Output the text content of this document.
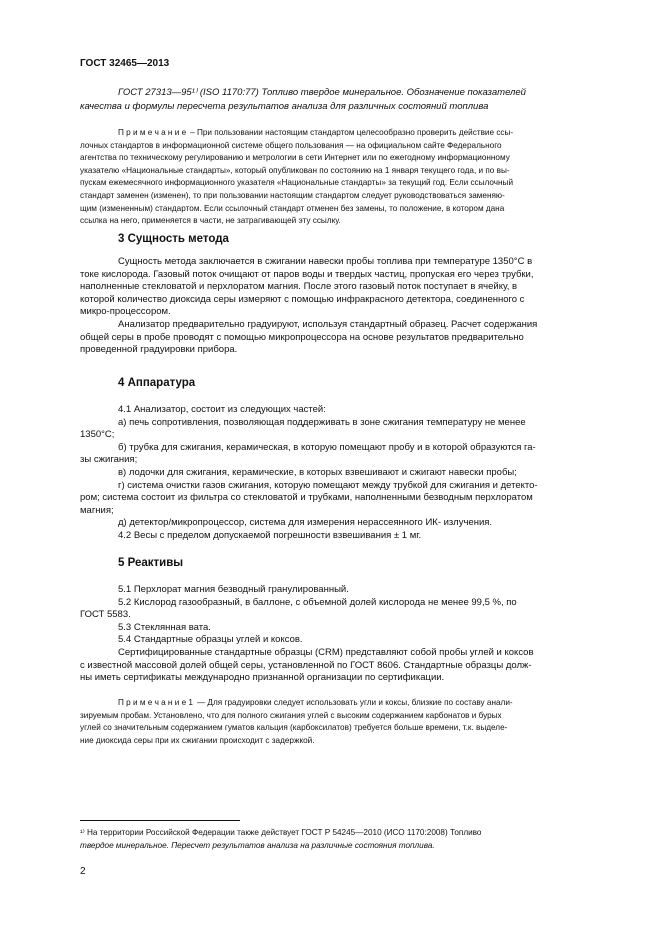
ГОСТ 32465—2013
ГОСТ 27313—95¹⁾ (ISO 1170:77) Топливо твердое минеральное. Обозначение показателей
качества и формулы пересчета результатов анализа для различных состояний топлива
П р и м е ч а н и е – При пользовании настоящим стандартом целесообразно проверить действие ссы-
лочных стандартов в информационной системе общего пользования — на официальном сайте Федерального
агентства по техническому регулированию и метрологии в сети Интернет или по ежегодному информационному
указателю «Национальные стандарты», который опубликован по состоянию на 1 января текущего года, и по вы-
пускам ежемесячного информационного указателя «Национальные стандарты» за текущий год. Если ссылочный
стандарт заменен (изменен), то при пользовании настоящим стандартом следует руководствоваться заменяю-
щим (измененным) стандартом. Если ссылочный стандарт отменен без замены, то положение, в котором дана
ссылка на него, применяется в части, не затрагивающей эту ссылку.
3 Сущность метода
Сущность метода заключается в сжигании навески пробы топлива при температуре 1350°С в
токе кислорода. Газовый поток очищают от паров воды и твердых частиц, пропуская его через трубки,
наполненные стекловатой и перхлоратом магния. После этого газовый поток поступает в ячейку, в
которой количество диоксида серы измеряют с помощью инфракрасного детектора, соединенного с
микро-процессором.
Анализатор предварительно градуируют, используя стандартный образец. Расчет содержания
общей серы в пробе проводят с помощью микропроцессора на основе результатов предварительно
проведенной градуировки прибора.
4 Аппаратура
4.1 Анализатор, состоит из следующих частей:
а) печь сопротивления, позволяющая поддерживать в зоне сжигания температуру не менее
1350°С;
б) трубка для сжигания, керамическая, в которую помещают пробу и в которой образуются га-
зы сжигания;
в) лодочки для сжигания, керамические, в которых взвешивают и сжигают навески пробы;
г) система очистки газов сжигания, которую помещают между трубкой для сжигания и детекто-
ром; система состоит из фильтра со стекловатой и трубками, наполненными безводным перхлоратом
магния;
д) детектор/микропроцессор, система для измерения нерассеянного ИК- излучения.
4.2 Весы с пределом допускаемой погрешности взвешивания ± 1 мг.
5 Реактивы
5.1 Перхлорат магния безводный гранулированный.
5.2 Кислород газообразный, в баллоне, с объемной долей кислорода не менее 99,5 %, по
ГОСТ 5583.
5.3 Стеклянная вата.
5.4 Стандартные образцы углей и коксов.
Сертифицированные стандартные образцы (CRM) представляют собой пробы углей и коксов
с известной массовой долей общей серы, установленной по ГОСТ 8606. Стандартные образцы долж-
ны иметь сертификаты международно признанной организации по сертификации.
П р и м е ч а н и е 1 — Для градуировки следует использовать угли и коксы, близкие по составу анали-
зируемым пробам. Установлено, что для полного сжигания углей с высоким содержанием карбонатов и бурых
углей со значительным содержанием гуматов кальция (карбоксилатов) требуется больше времени, т.к. выделе-
ние диоксида серы при их сжигании происходит с задержкой.
¹⁾ На территории Российской Федерации также действует ГОСТ Р 54245—2010 (ИСО 1170:2008) Топливо
твердое минеральное. Пересчет результатов анализа на различные состояния топлива.
2
